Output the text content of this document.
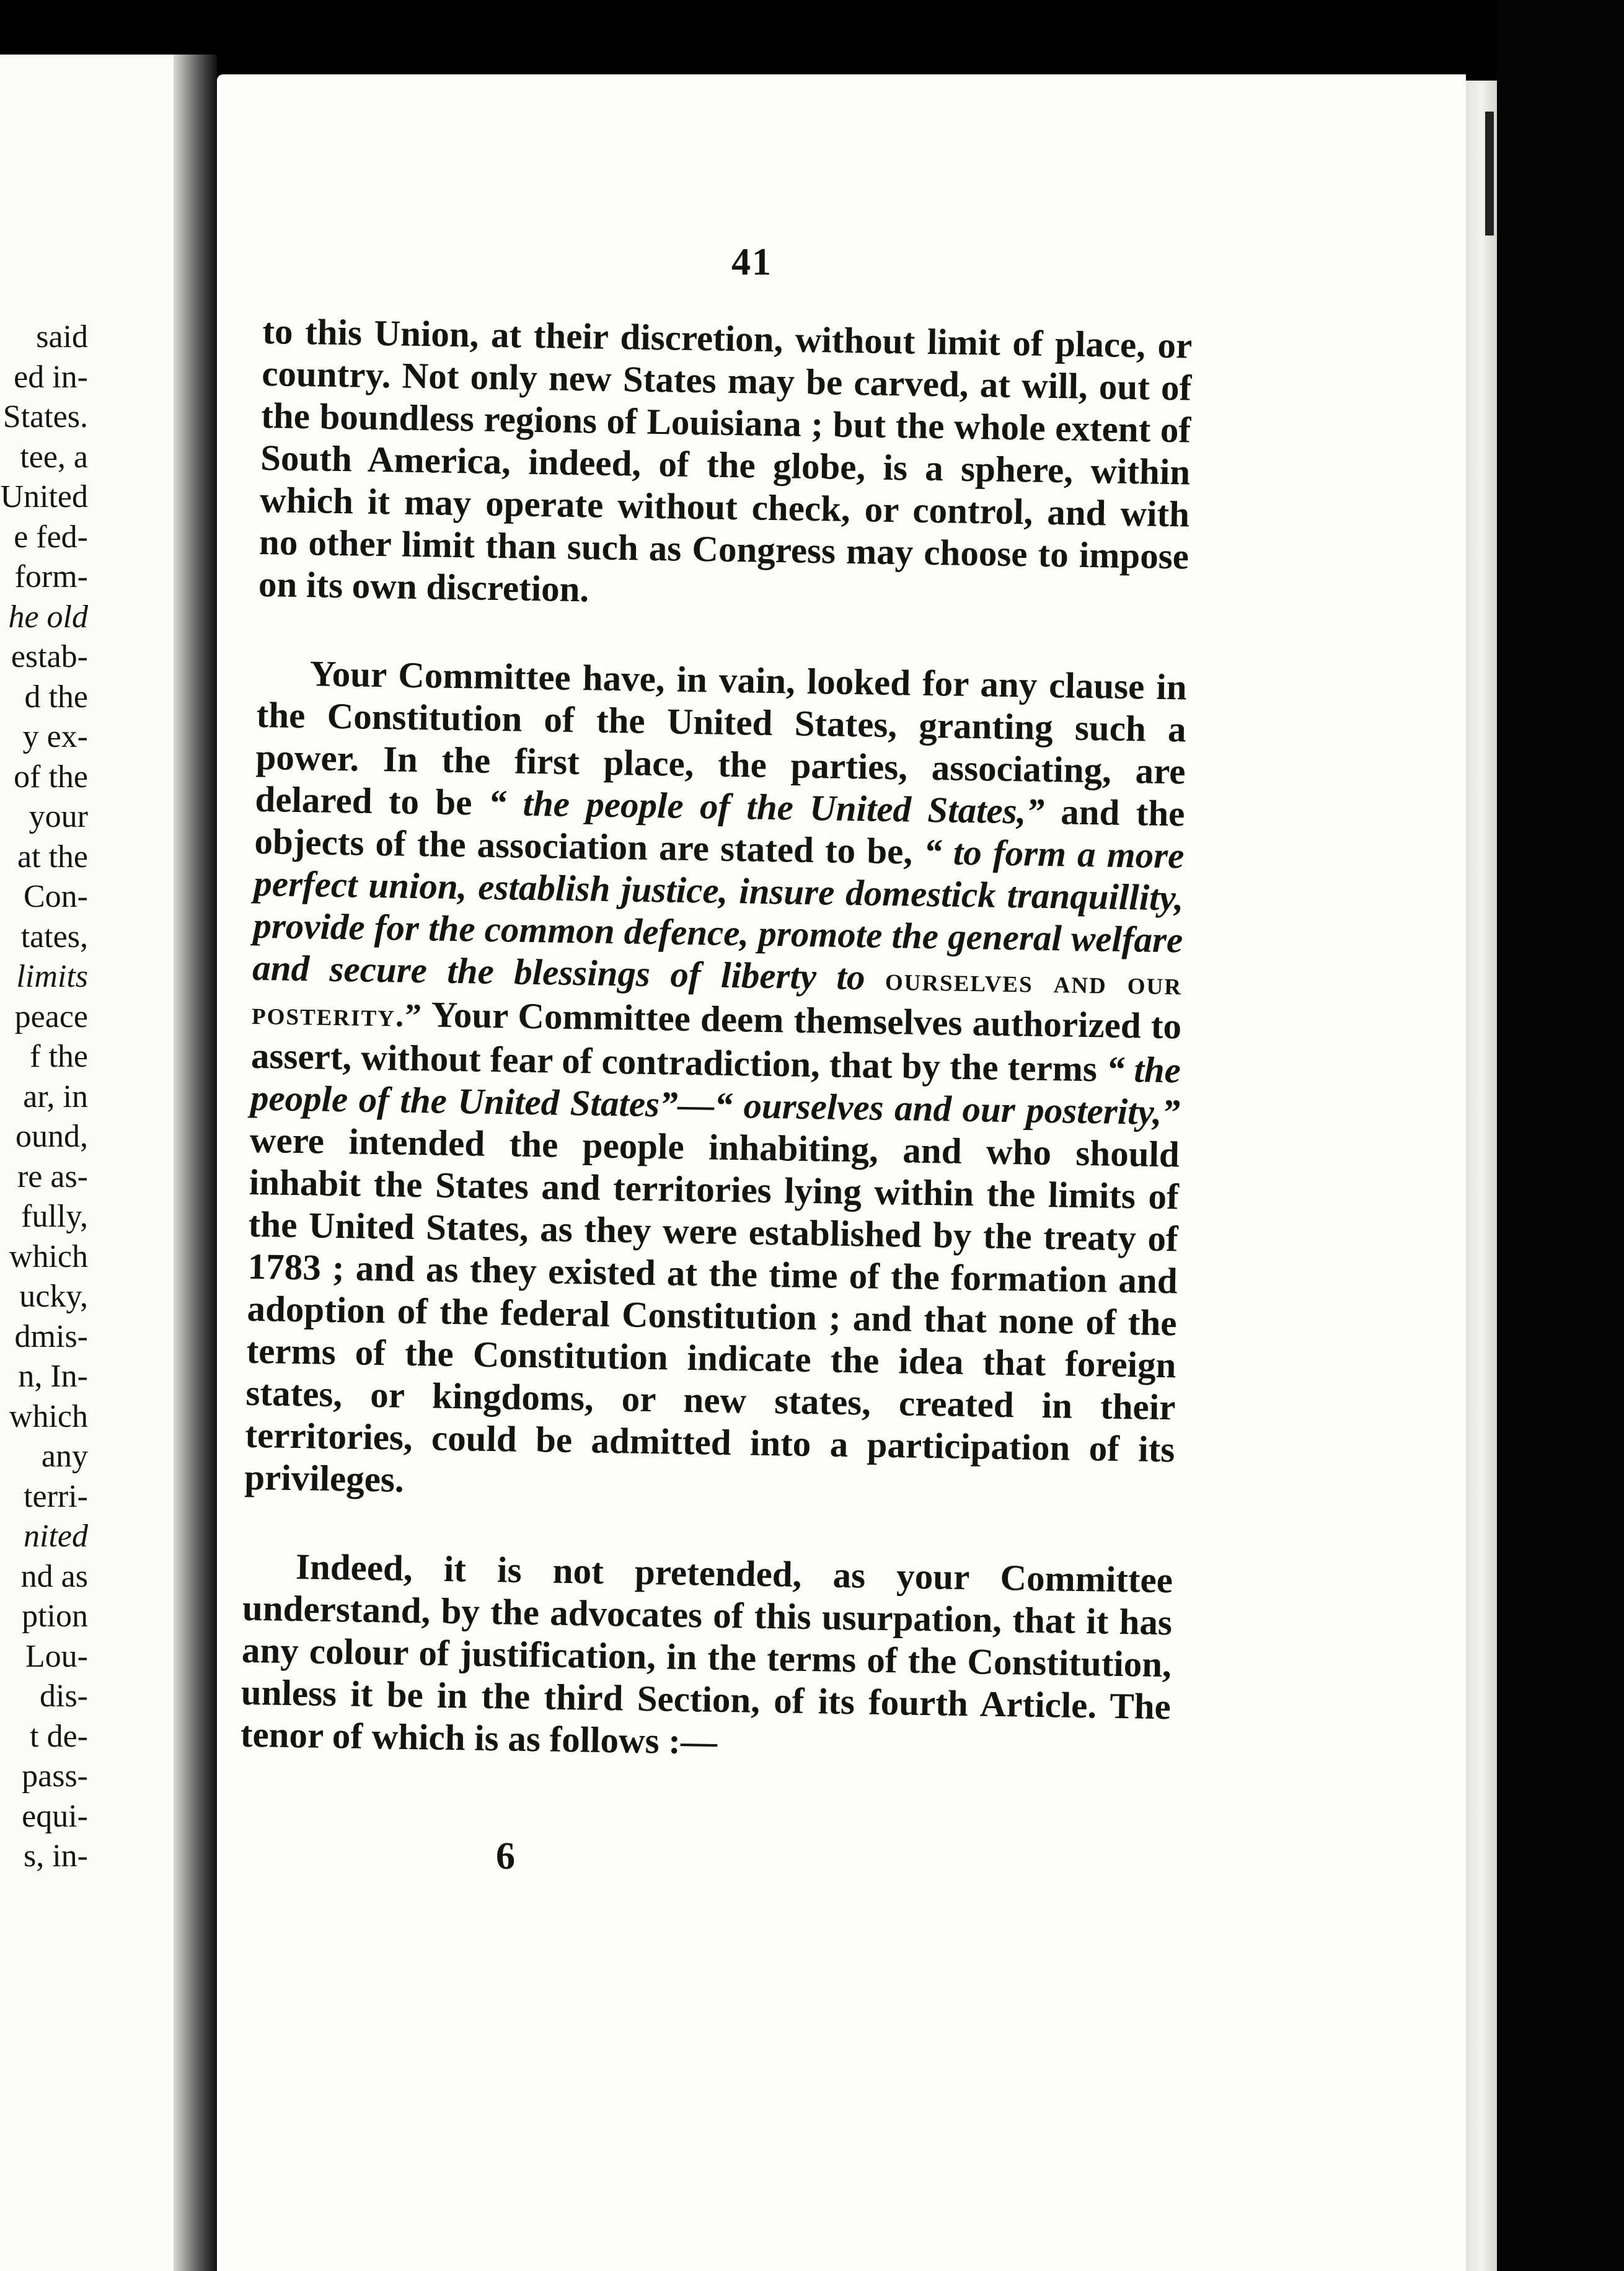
said
ed in-
States.
tee, a
United
e fed-
form-
he old
estab-
d the
y ex-
of the
your
at the
Con-
tates,
limits
peace
f the
ar, in
ound,
re as-
fully,
which
ucky,
dmis-
n, In-
which
any
terri-
nited
nd as
ption
Lou-
dis-
t de-
pass-
equi-
s, in-
41

to this Union, at their discretion, without limit of place, or country. Not only new States may be carved, at will, out of the boundless regions of Louisiana ; but the whole extent of South America, indeed, of the globe, is a sphere, within which it may operate without check, or control, and with no other limit than such as Congress may choose to impose on its own discretion.

Your Committee have, in vain, looked for any clause in the Constitution of the United States, granting such a power. In the first place, the parties, associating, are delared to be “ the people of the United States,” and the objects of the association are stated to be, “ to form a more perfect union, establish justice, insure domestick tranquillity, provide for the common defence, promote the general welfare and secure the blessings of liberty to ourselves and our posterity.” Your Committee deem themselves authorized to assert, without fear of contradiction, that by the terms “ the people of the United States”—“ ourselves and our posterity,” were intended the people inhabiting, and who should inhabit the States and territories lying within the limits of the United States, as they were established by the treaty of 1783 ; and as they existed at the time of the formation and adoption of the federal Constitution ; and that none of the terms of the Constitution indicate the idea that foreign states, or kingdoms, or new states, created in their territories, could be admitted into a participation of its privileges.

Indeed, it is not pretended, as your Committee understand, by the advocates of this usurpation, that it has any colour of justification, in the terms of the Constitution, unless it be in the third Section, of its fourth Article. The tenor of which is as follows :—

6
